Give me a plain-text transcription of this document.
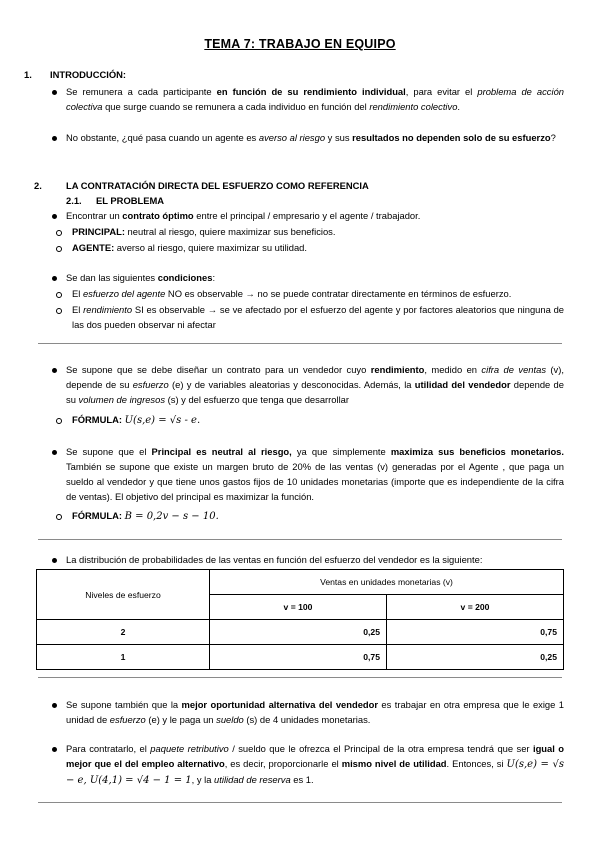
TEMA 7: TRABAJO EN EQUIPO
1. INTRODUCCIÓN:
Se remunera a cada participante en función de su rendimiento individual, para evitar el problema de acción colectiva que surge cuando se remunera a cada individuo en función del rendimiento colectivo.
No obstante, ¿qué pasa cuando un agente es averso al riesgo y sus resultados no dependen solo de su esfuerzo?
2.	LA CONTRATACIÓN DIRECTA DEL ESFUERZO COMO REFERENCIA
2.1. EL PROBLEMA
Encontrar un contrato óptimo entre el principal / empresario y el agente / trabajador.
PRINCIPAL: neutral al riesgo, quiere maximizar sus beneficios.
AGENTE: averso al riesgo, quiere maximizar su utilidad.
Se dan las siguientes condiciones:
El esfuerzo del agente NO es observable → no se puede contratar directamente en términos de esfuerzo.
El rendimiento SI es observable → se ve afectado por el esfuerzo del agente y por factores aleatorios que ninguna de las dos pueden observar ni afectar
Se supone que se debe diseñar un contrato para un vendedor cuyo rendimiento, medido en cifra de ventas (v), depende de su esfuerzo (e) y de variables aleatorias y desconocidas. Además, la utilidad del vendedor depende de su volumen de ingresos (s) y del esfuerzo que tenga que desarrollar
FÓRMULA: U(s,e) = √s - e.
Se supone que el Principal es neutral al riesgo, ya que simplemente maximiza sus beneficios monetarios. También se supone que existe un margen bruto de 20% de las ventas (v) generadas por el Agente , que paga un sueldo al vendedor y que tiene unos gastos fijos de 10 unidades monetarias (importe que es independiente de la cifra de ventas). El objetivo del principal es maximizar la función.
FÓRMULA: B = 0,2v − s − 10.
La distribución de probabilidades de las ventas en función del esfuerzo del vendedor es la siguiente:
Niveles de esfuerzo	Ventas en unidades monetarias (v)	
	v = 100	v = 200
2	0,25	0,75
1	0,75	0,25
Se supone también que la mejor oportunidad alternativa del vendedor es trabajar en otra empresa que le exige 1 unidad de esfuerzo (e) y le paga un sueldo (s) de 4 unidades monetarias.
Para contratarlo, el paquete retributivo / sueldo que le ofrezca el Principal de la otra empresa tendrá que ser igual o mejor que el del empleo alternativo, es decir, proporcionarle el mismo nivel de utilidad. Entonces, si U(s,e) = √s − e, U(4,1) = √4 − 1 = 1, y la utilidad de reserva es 1.
